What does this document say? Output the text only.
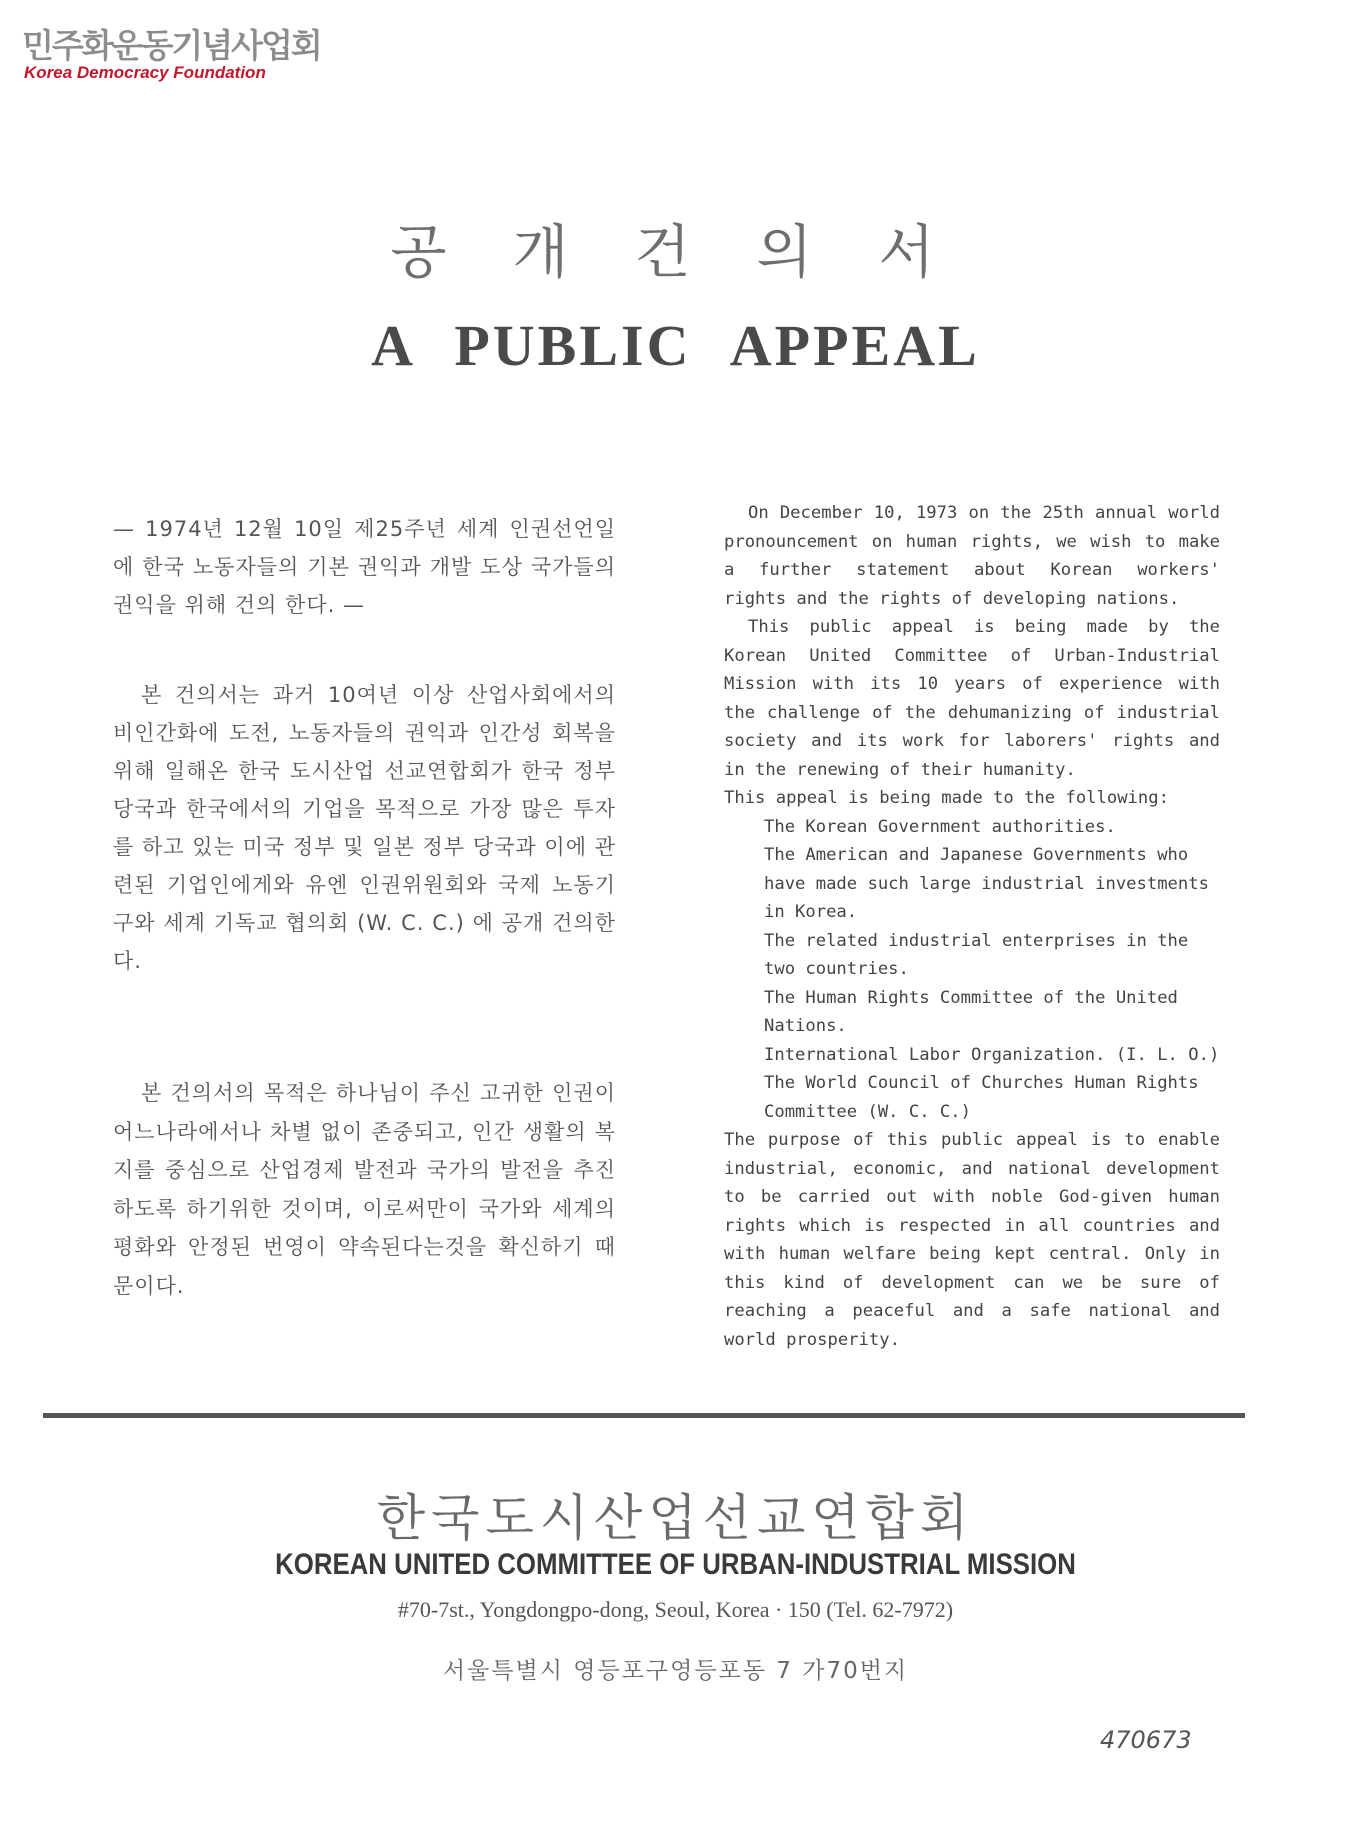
민주화운동기념사업회
Korea Democracy Foundation
공개건의서
A PUBLIC APPEAL
— 1974년 12월 10일 제25주년 세계 인권선언일에 한국 노동자들의 기본 권익과 개발 도상 국가들의 권익을 위해 건의 한다. —
본 건의서는 과거 10여년 이상 산업사회에서의 비인간화에 도전, 노동자들의 권익과 인간성 회복을 위해 일해온 한국 도시산업 선교연합회가 한국 정부 당국과 한국에서의 기업을 목적으로 가장 많은 투자를 하고 있는 미국 정부 및 일본 정부 당국과 이에 관련된 기업인에게와 유엔 인권위원회와 국제 노동기구와 세계 기독교 협의회 (W. C. C.) 에 공개 건의한다.
본 건의서의 목적은 하나님이 주신 고귀한 인권이 어느나라에서나 차별 없이 존중되고, 인간 생활의 복지를 중심으로 산업경제 발전과 국가의 발전을 추진하도록 하기위한 것이며, 이로써만이 국가와 세계의 평화와 안정된 번영이 약속된다는것을 확신하기 때문이다.

On December 10, 1973 on the 25th annual world pronouncement on human rights, we wish to make a further statement about Korean workers' rights and the rights of developing nations.

This public appeal is being made by the Korean United Committee of Urban-Industrial Mission with its 10 years of experience with the challenge of the dehumanizing of industrial society and its work for laborers' rights and in the renewing of their humanity.

This appeal is being made to the following:

The Korean Government authorities.
The American and Japanese Governments who have made such large industrial investments in Korea.
The related industrial enterprises in the two countries.
The Human Rights Committee of the United Nations.
International Labor Organization. (I. L. O.)
The World Council of Churches Human Rights Committee (W. C. C.)

The purpose of this public appeal is to enable industrial, economic, and national development to be carried out with noble God-given human rights which is respected in all countries and with human welfare being kept central. Only in this kind of development can we be sure of reaching a peaceful and a safe national and world prosperity.

한국도시산업선교연합회
KOREAN UNITED COMMITTEE OF URBAN-INDUSTRIAL MISSION
#70-7st., Yongdongpo-dong, Seoul, Korea · 150 (Tel. 62-7972)
서울특별시 영등포구영등포동 7 가70번지
470673
